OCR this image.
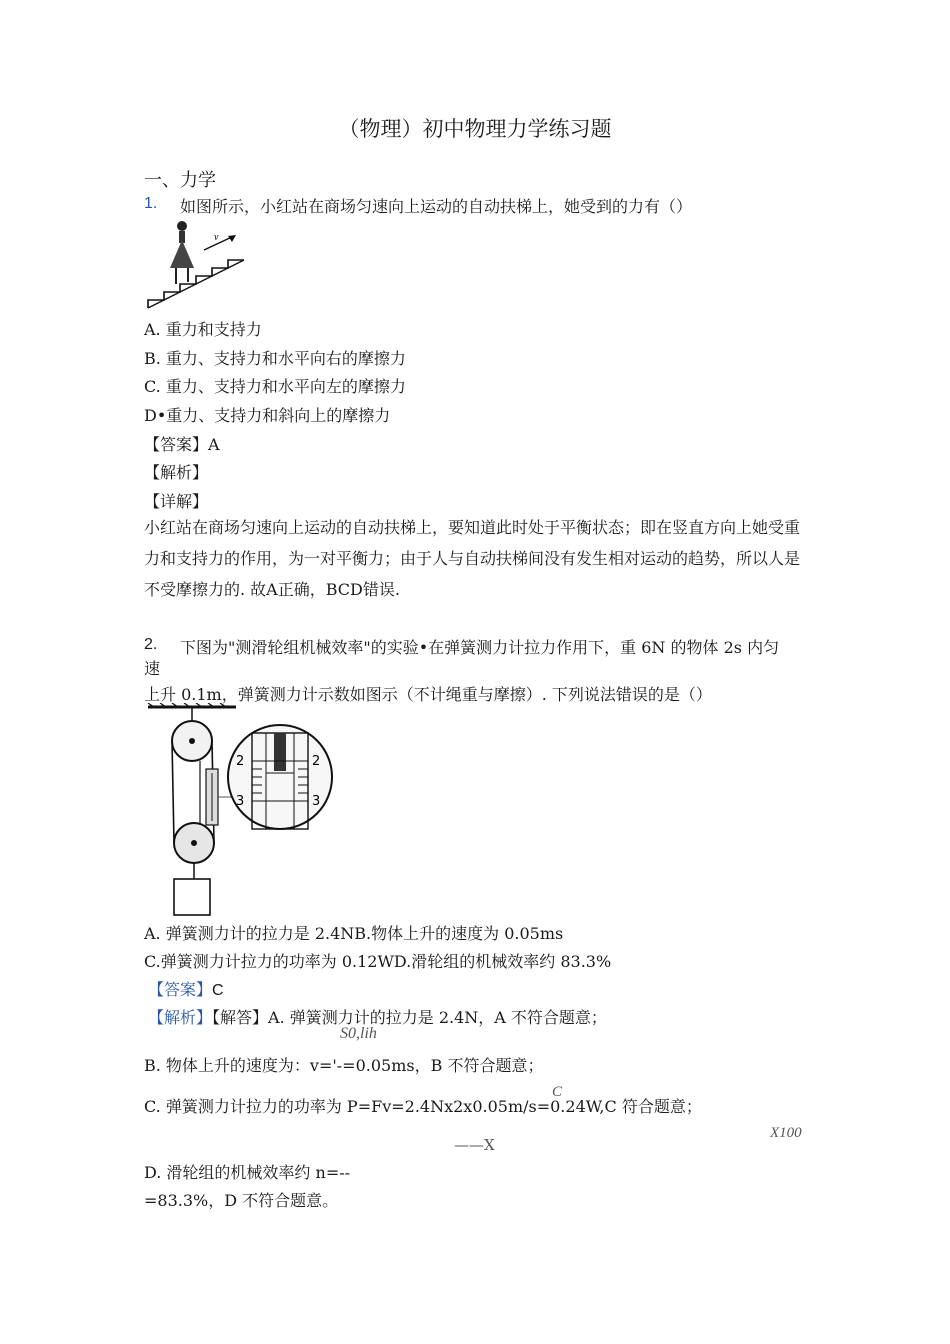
（物理）初中物理力学练习题
一、力学
1. 如图所示，小红站在商场匀速向上运动的自动扶梯上，她受到的力有（）
v
A. 重力和支持力
B. 重力、支持力和水平向右的摩擦力
C. 重力、支持力和水平向左的摩擦力
D•重力、支持力和斜向上的摩擦力
【答案】A
【解析】
【详解】
小红站在商场匀速向上运动的自动扶梯上，要知道此时处于平衡状态；即在竖直方向上她受重力和支持力的作用，为一对平衡力；由于人与自动扶梯间没有发生相对运动的趋势，所以人是不受摩擦力的. 故A正确，BCD错误.
2. 下图为"测滑轮组机械效率"的实验•在弹簧测力计拉力作用下，重 6N 的物体 2s 内匀
速
上升 0.1m，弹簧测力计示数如图示（不计绳重与摩擦）. 下列说法错误的是（）
2	2
3	3
A. 弹簧测力计的拉力是 2.4NB.物体上升的速度为 0.05ms
C.弹簧测力计拉力的功率为 0.12WD.滑轮组的机械效率约 83.3%
【答案】C
【解析】【解答】A. 弹簧测力计的拉力是 2.4N，A 不符合题意；
S0,lih
B. 物体上升的速度为：v='-=0.05ms，B 不符合题意；
C
C. 弹簧测力计拉力的功率为 P=Fv=2.4Nx2x0.05m/s=0.24W,C 符合题意；
X100
——X
D. 滑轮组的机械效率约 n=--
=83.3%，D 不符合题意。
